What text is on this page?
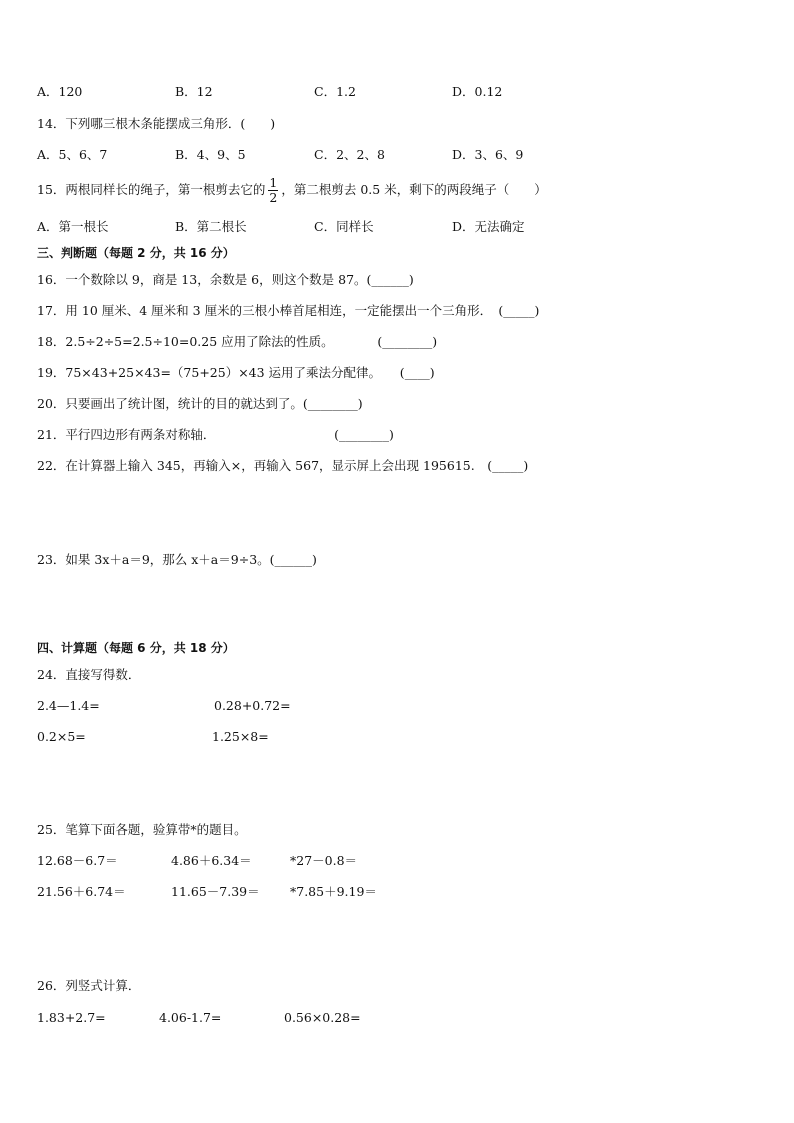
A．120	B．12	C．1.2	D．0.12
14．下列哪三根木条能摆成三角形．(　　)
A．5、6、7	B．4、9、5	C．2、2、8	D．3、6、9
15．两根同样长的绳子，第一根剪去它的 $\frac{1}{2}$ ，第二根剪去 0.5 米，剩下的两段绳子（　　）
A．第一根长	B．第二根长	C．同样长	D．无法确定
三、判断题（每题 2 分，共 16 分）
16．一个数除以 9，商是 13，余数是 6，则这个数是 87。(______)
17．用 10 厘米、4 厘米和 3 厘米的三根小棒首尾相连，一定能摆出一个三角形．　(_____)
18．2.5÷2÷5=2.5÷10=0.25 应用了除法的性质。　　　　(________)
19．75×43+25×43=（75+25）×43 运用了乘法分配律。　　(____)
20．只要画出了统计图，统计的目的就达到了。(________)
21．平行四边形有两条对称轴．　　　　　　　　　　(________)
22．在计算器上输入 345，再输入×，再输入 567，显示屏上会出现 195615.　(_____)
23．如果 3x＋a＝9，那么 x＋a＝9÷3。(______)
四、计算题（每题 6 分，共 18 分）
24．直接写得数．
2.4—1.4=	0.28+0.72=
0.2×5=	1.25×8=
25．笔算下面各题，验算带*的题目。
12.68－6.7＝	4.86＋6.34＝	*27－0.8＝
21.56＋6.74＝	11.65－7.39＝ *7.85＋9.19＝
26．列竖式计算．
1.83+2.7=	4.06-1.7=	0.56×0.28=
